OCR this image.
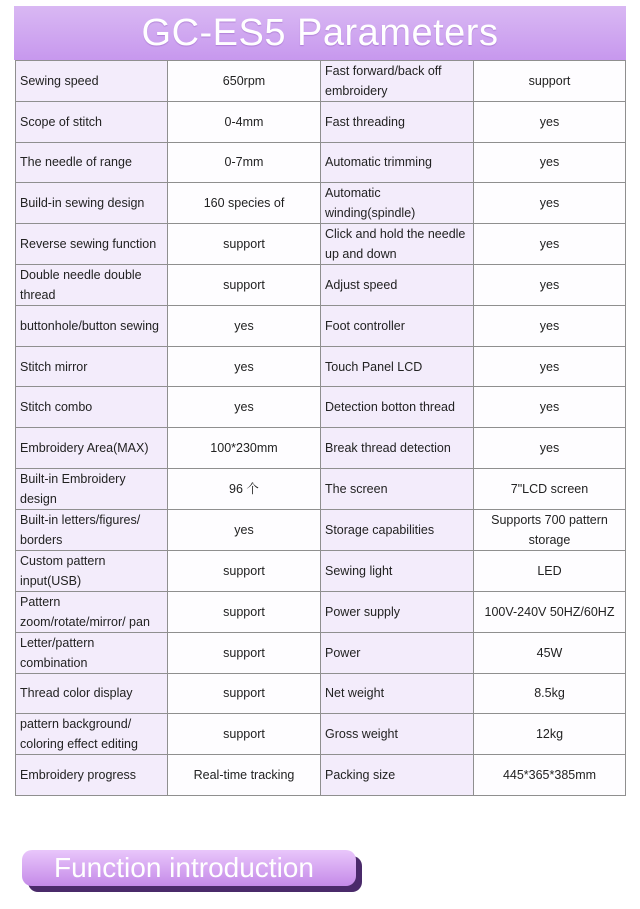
GC-ES5 Parameters
Sewing speed	650rpm	Fast forward/back off embroidery	support
Scope of stitch	0-4mm	Fast threading	yes
The needle of range	0-7mm	Automatic trimming	yes
Build-in sewing design	160 species of	Automatic winding(spindle)	yes
Reverse sewing function	support	Click and hold the needle up and down	yes
Double needle double thread	support	Adjust speed	yes
buttonhole/button sewing	yes	Foot controller	yes
Stitch mirror	yes	Touch Panel LCD	yes
Stitch combo	yes	Detection botton thread	yes
Embroidery Area(MAX)	100*230mm	Break thread detection	yes
Built-in Embroidery design	96 个	The screen	7"LCD screen
Built-in letters/figures/ borders	yes	Storage capabilities	Supports 700 pattern storage
Custom pattern input(USB)	support	Sewing light	LED
Pattern zoom/rotate/mirror/ pan	support	Power supply	100V-240V 50HZ/60HZ
Letter/pattern combination	support	Power	45W
Thread color display	support	Net weight	8.5kg
pattern background/ coloring effect editing	support	Gross weight	12kg
Embroidery progress	Real-time tracking	Packing size	445*365*385mm
Function introduction
